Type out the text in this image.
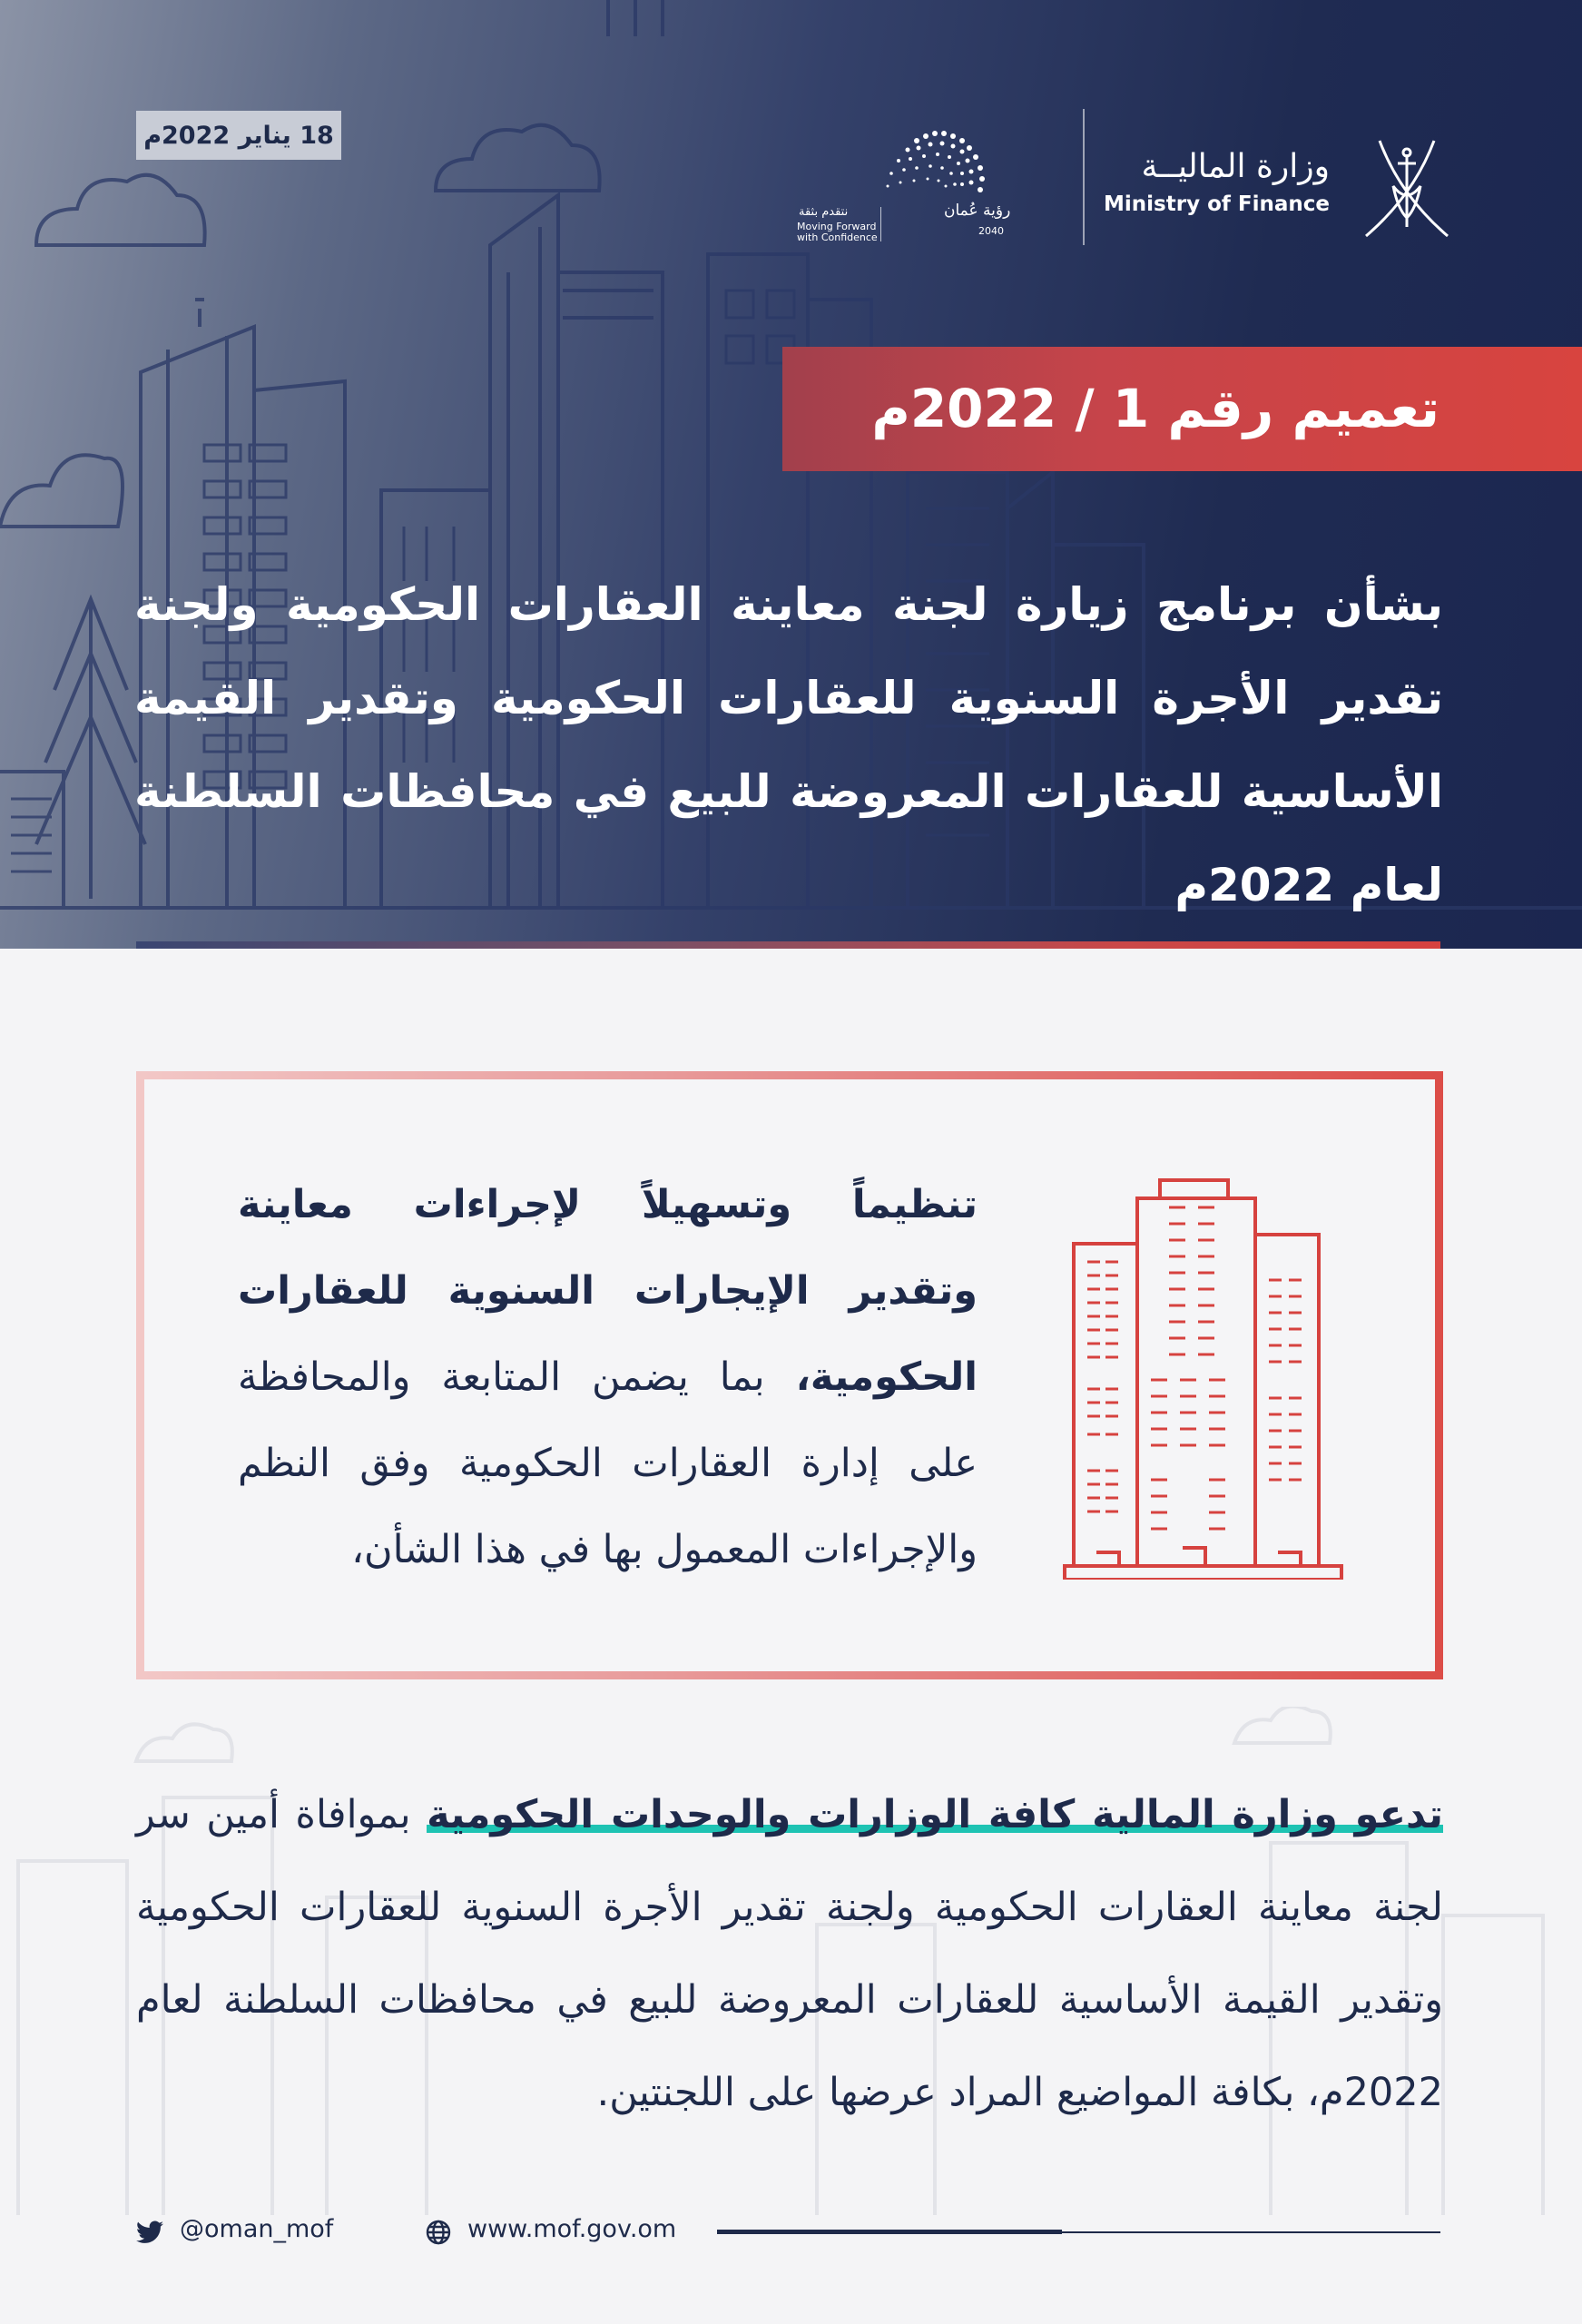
18 يناير 2022م
وزارة الماليــة
Ministry of Finance
رؤية عُمان
2040
نتقدم بثقة
Moving Forward
with Confidence
تعميم رقم 1 / 2022م
بشأن برنامج زيارة لجنة معاينة العقارات الحكومية ولجنة تقدير الأجرة السنوية للعقارات الحكومية وتقدير القيمة الأساسية للعقارات المعروضة للبيع في محافظات السلطنة لعام 2022م
تنظيماً وتسهيلاً لإجراءات معاينة وتقدير الإيجارات السنوية للعقارات الحكومية، بما يضمن المتابعة والمحافظة على إدارة العقارات الحكومية وفق النظم والإجراءات المعمول بها في هذا الشأن،
تدعو وزارة المالية كافة الوزارات والوحدات الحكومية بموافاة أمين سر لجنة معاينة العقارات الحكومية ولجنة تقدير الأجرة السنوية للعقارات الحكومية وتقدير القيمة الأساسية للعقارات المعروضة للبيع في محافظات السلطنة لعام 2022م، بكافة المواضيع المراد عرضها على اللجنتين.
@oman_mof	www.mof.gov.om
